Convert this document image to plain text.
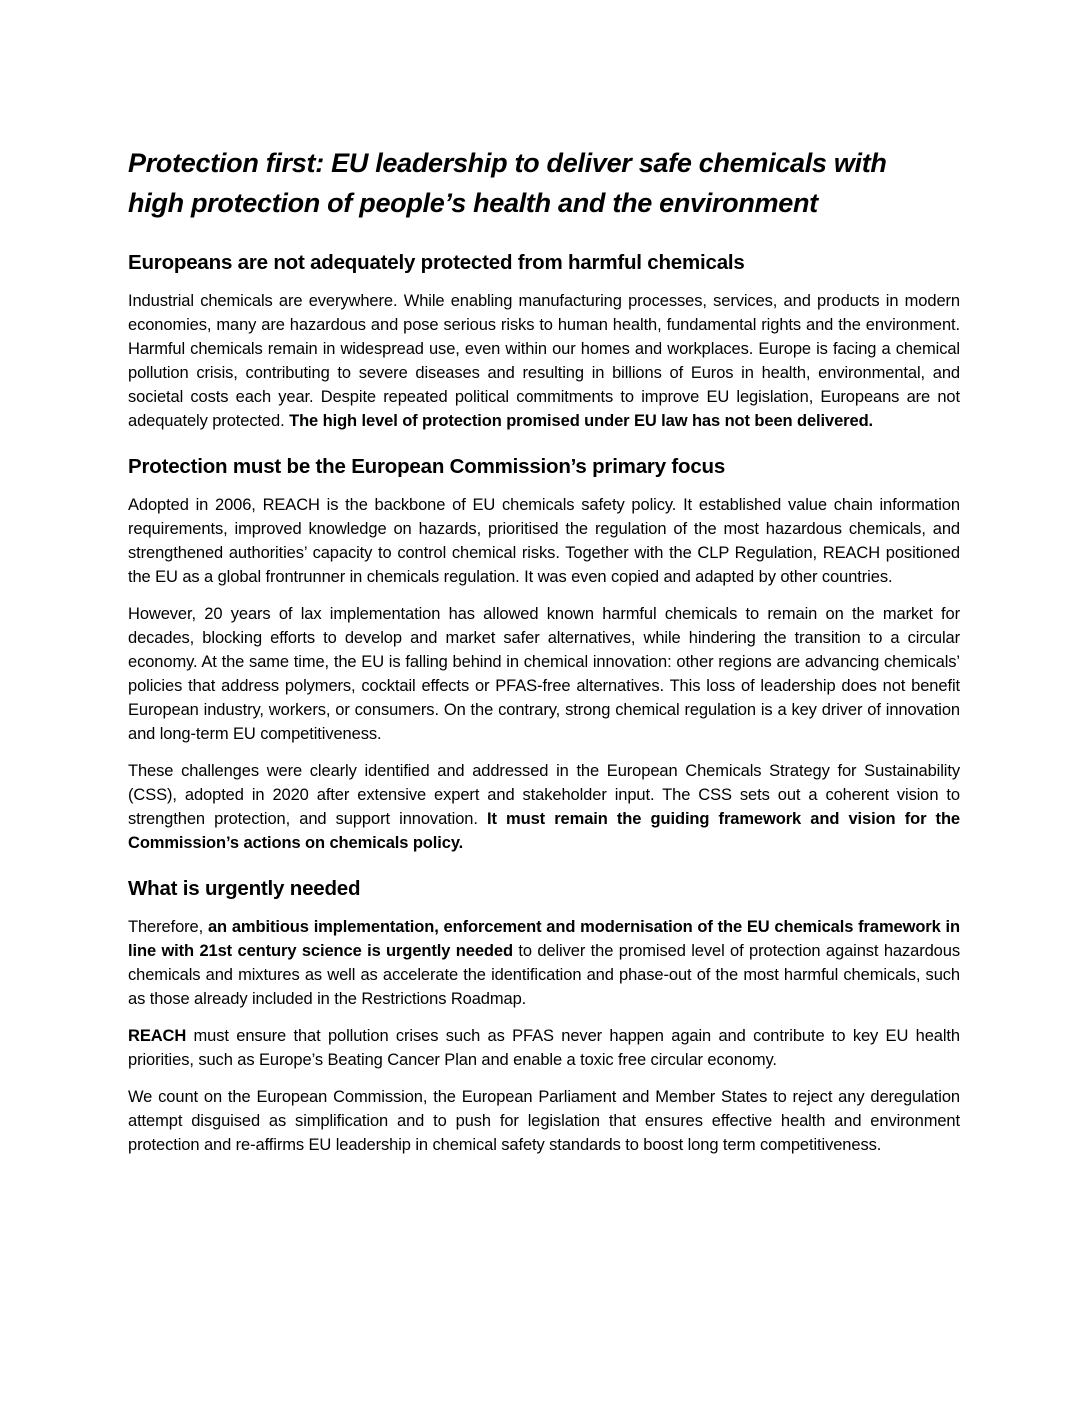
Protection first: EU leadership to deliver safe chemicals with
high protection of people’s health and the environment
Europeans are not adequately protected from harmful chemicals

Industrial chemicals are everywhere. While enabling manufacturing processes, services, and products in modern economies, many are hazardous and pose serious risks to human health, fundamental rights and the environment. Harmful chemicals remain in widespread use, even within our homes and workplaces. Europe is facing a chemical pollution crisis, contributing to severe diseases and resulting in billions of Euros in health, environmental, and societal costs each year. Despite repeated political commitments to improve EU legislation, Europeans are not adequately protected. The high level of protection promised under EU law has not been delivered.

Protection must be the European Commission’s primary focus

Adopted in 2006, REACH is the backbone of EU chemicals safety policy. It established value chain information requirements, improved knowledge on hazards, prioritised the regulation of the most hazardous chemicals, and strengthened authorities’ capacity to control chemical risks. Together with the CLP Regulation, REACH positioned the EU as a global frontrunner in chemicals regulation. It was even copied and adapted by other countries.

However, 20 years of lax implementation has allowed known harmful chemicals to remain on the market for decades, blocking efforts to develop and market safer alternatives, while hindering the transition to a circular economy. At the same time, the EU is falling behind in chemical innovation: other regions are advancing chemicals’ policies that address polymers, cocktail effects or PFAS-free alternatives. This loss of leadership does not benefit European industry, workers, or consumers. On the contrary, strong chemical regulation is a key driver of innovation and long-term EU competitiveness.

These challenges were clearly identified and addressed in the European Chemicals Strategy for Sustainability (CSS), adopted in 2020 after extensive expert and stakeholder input. The CSS sets out a coherent vision to strengthen protection, and support innovation. It must remain the guiding framework and vision for the Commission’s actions on chemicals policy.

What is urgently needed

Therefore, an ambitious implementation, enforcement and modernisation of the EU chemicals framework in line with 21st century science is urgently needed to deliver the promised level of protection against hazardous chemicals and mixtures as well as accelerate the identification and phase-out of the most harmful chemicals, such as those already included in the Restrictions Roadmap.

REACH must ensure that pollution crises such as PFAS never happen again and contribute to key EU health priorities, such as Europe’s Beating Cancer Plan and enable a toxic free circular economy.

We count on the European Commission, the European Parliament and Member States to reject any deregulation attempt disguised as simplification and to push for legislation that ensures effective health and environment protection and re-affirms EU leadership in chemical safety standards to boost long term competitiveness.
